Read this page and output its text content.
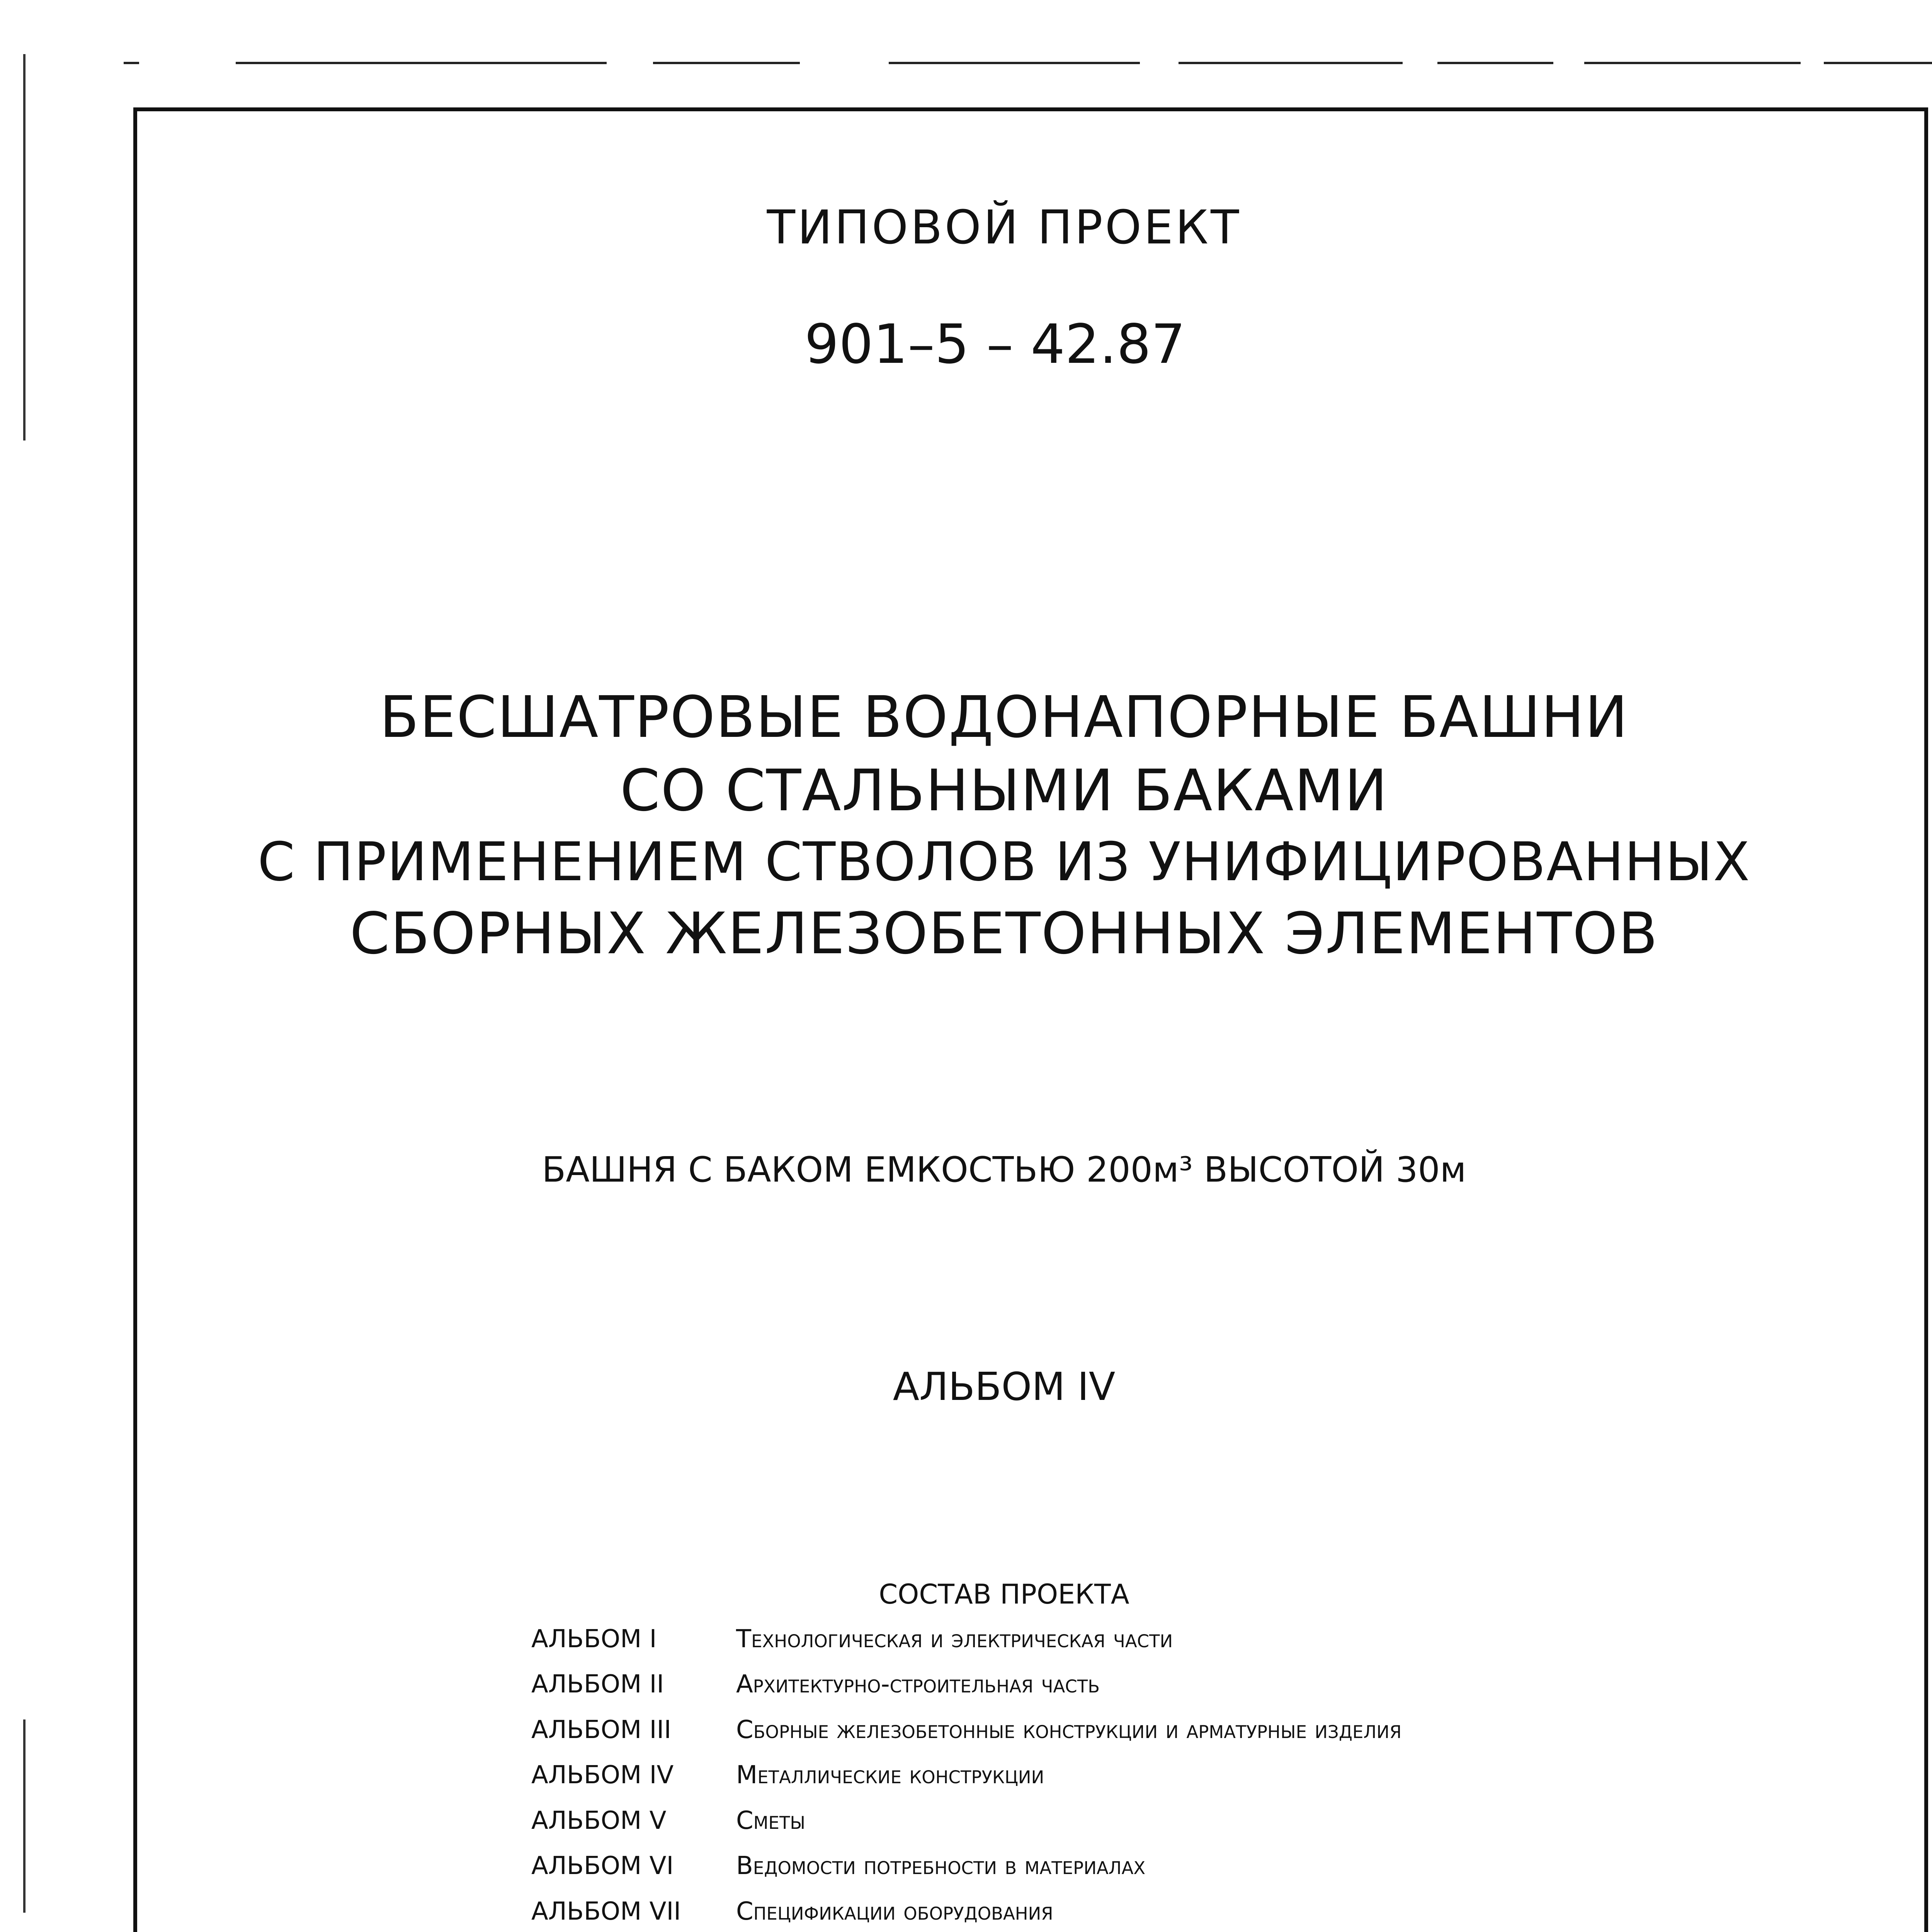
ТИПОВОЙ ПРОЕКТ
901–5 – 42.87
БЕСШАТРОВЫЕ ВОДОНАПОРНЫЕ БАШНИ
СО СТАЛЬНЫМИ БАКАМИ
С ПРИМЕНЕНИЕМ СТВОЛОВ ИЗ УНИФИЦИРОВАННЫХ
СБОРНЫХ ЖЕЛЕЗОБЕТОННЫХ ЭЛЕМЕНТОВ
БАШНЯ С БАКОМ ЕМКОСТЬЮ 200м³ ВЫСОТОЙ 30м
АЛЬБОМ IV
СОСТАВ ПРОЕКТА
АЛЬБОМ I	Технологическая и электрическая части
АЛЬБОМ II	Архитектурно-строительная часть
АЛЬБОМ III	Сборные железобетонные конструкции и арматурные изделия
АЛЬБОМ IV	Металлические конструкции
АЛЬБОМ V	Сметы
АЛЬБОМ VI	Ведомости потребности в материалах
АЛЬБОМ VII	Спецификации оборудования
